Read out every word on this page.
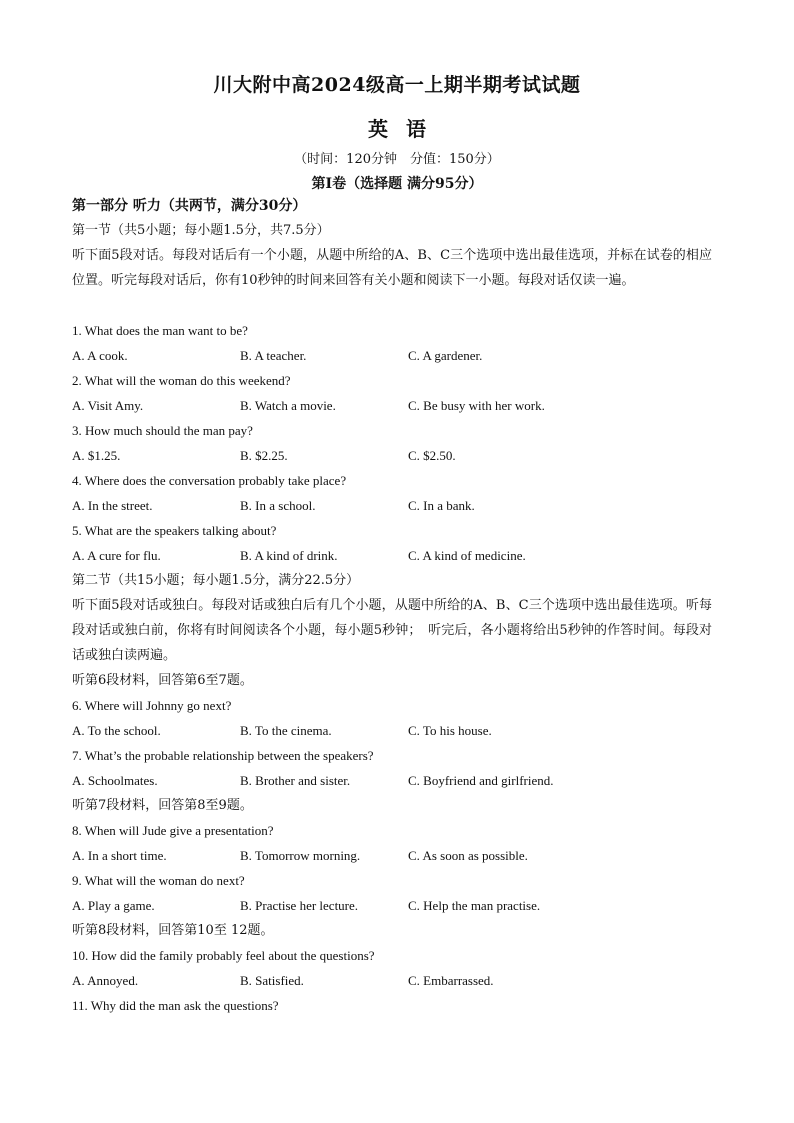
川大附中高2024级高一上期半期考试试题
英语
（时间：120分钟　分值：150分）
第Ⅰ卷（选择题 满分95分）
第一部分 听力（共两节，满分30分）
第一节（共5小题；每小题1.5分，共7.5分）
听下面5段对话。每段对话后有一个小题，从题中所给的A、B、C三个选项中选出最佳选项，并标在试卷的相应位置。听完每段对话后，你有10秒钟的时间来回答有关小题和阅读下一小题。每段对话仅读一遍。
1. What does the man want to be?
A. A cook.	B. A teacher.	C. A gardener.
2. What will the woman do this weekend?
A. Visit Amy.	B. Watch a movie.	C. Be busy with her work.
3. How much should the man pay?
A. $1.25.	B. $2.25.	C. $2.50.
4. Where does the conversation probably take place?
A. In the street.	B. In a school.	C. In a bank.
5. What are the speakers talking about?
A. A cure for flu.	B. A kind of drink.	C. A kind of medicine.
第二节（共15小题；每小题1.5分，满分22.5分）
听下面5段对话或独白。每段对话或独白后有几个小题，从题中所给的A、B、C三个选项中选出最佳选项。听每段对话或独白前，你将有时间阅读各个小题，每小题5秒钟；　听完后，各小题将给出5秒钟的作答时间。每段对话或独白读两遍。
听第6段材料，回答第6至7题。
6. Where will Johnny go next?
A. To the school.	B. To the cinema.	C. To his house.
7. What’s the probable relationship between the speakers?
A. Schoolmates.	B. Brother and sister.	C. Boyfriend and girlfriend.
听第7段材料，回答第8至9题。
8. When will Jude give a presentation?
A. In a short time.	B. Tomorrow morning.	C. As soon as possible.
9. What will the woman do next?
A. Play a game.	B. Practise her lecture.	C. Help the man practise.
听第8段材料，回答第10至 12题。
10. How did the family probably feel about the questions?
A. Annoyed.	B. Satisfied.	C. Embarrassed.
11. Why did the man ask the questions?
